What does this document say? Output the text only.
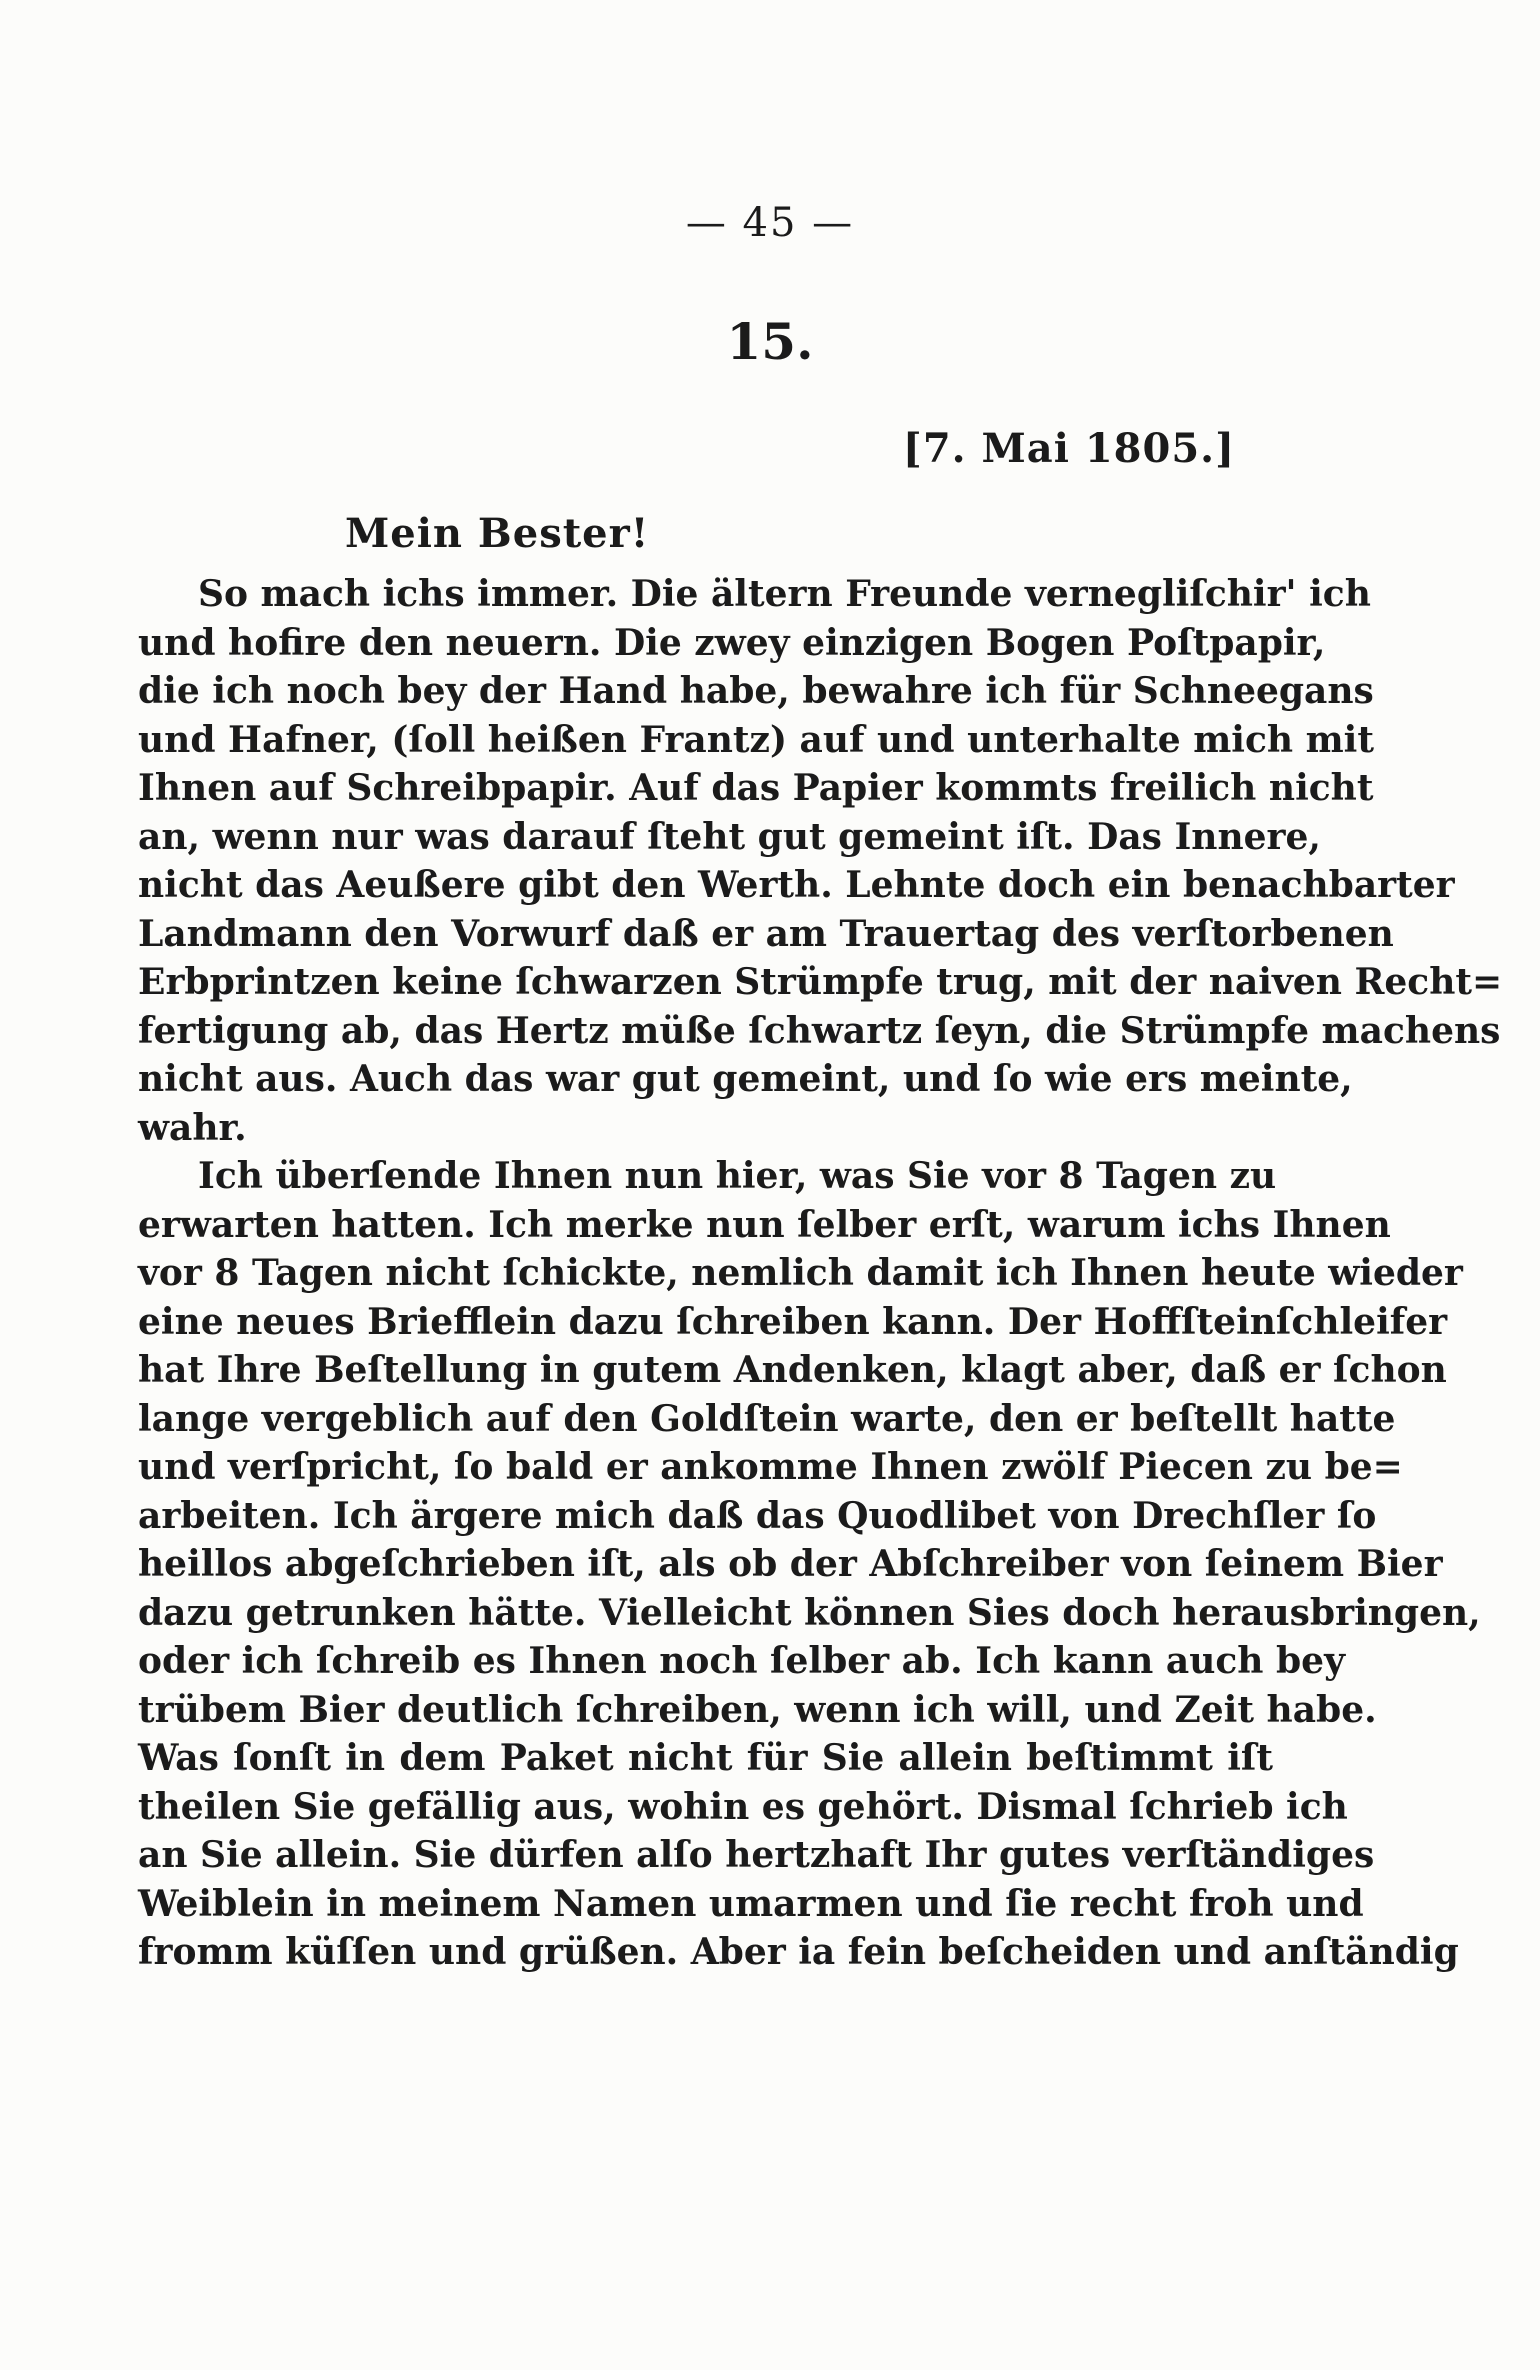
— 45 —
15.
[7. Mai 1805.]
Mein Bester!
So mach ichs immer. Die ältern Freunde vernegliſchir' ich
und hofire den neuern. Die zwey einzigen Bogen Poſtpapir,
die ich noch bey der Hand habe, bewahre ich für Schneegans
und Hafner, (ſoll heißen Frantz) auf und unterhalte mich mit
Ihnen auf Schreibpapir. Auf das Papier kommts freilich nicht
an, wenn nur was darauf ſteht gut gemeint iſt. Das Innere,
nicht das Aeußere gibt den Werth. Lehnte doch ein benachbarter
Landmann den Vorwurf daß er am Trauertag des verſtorbenen
Erbprintzen keine ſchwarzen Strümpfe trug, mit der naiven Recht=
fertigung ab, das Hertz müße ſchwartz ſeyn, die Strümpfe machens
nicht aus. Auch das war gut gemeint, und ſo wie ers meinte,
wahr.
Ich überſende Ihnen nun hier, was Sie vor 8 Tagen zu
erwarten hatten. Ich merke nun ſelber erſt, warum ichs Ihnen
vor 8 Tagen nicht ſchickte, nemlich damit ich Ihnen heute wieder
eine neues Briefflein dazu ſchreiben kann. Der Hoffſteinſchleifer
hat Ihre Beſtellung in gutem Andenken, klagt aber, daß er ſchon
lange vergeblich auf den Goldſtein warte, den er beſtellt hatte
und verſpricht, ſo bald er ankomme Ihnen zwölf Piecen zu be=
arbeiten. Ich ärgere mich daß das Quodlibet von Drechſler ſo
heillos abgeſchrieben iſt, als ob der Abſchreiber von ſeinem Bier
dazu getrunken hätte. Vielleicht können Sies doch herausbringen,
oder ich ſchreib es Ihnen noch ſelber ab. Ich kann auch bey
trübem Bier deutlich ſchreiben, wenn ich will, und Zeit habe.
Was ſonſt in dem Paket nicht für Sie allein beſtimmt iſt
theilen Sie gefällig aus, wohin es gehört. Dismal ſchrieb ich
an Sie allein. Sie dürfen alſo hertzhaft Ihr gutes verſtändiges
Weiblein in meinem Namen umarmen und ſie recht froh und
fromm küſſen und grüßen. Aber ia fein beſcheiden und anſtändig
